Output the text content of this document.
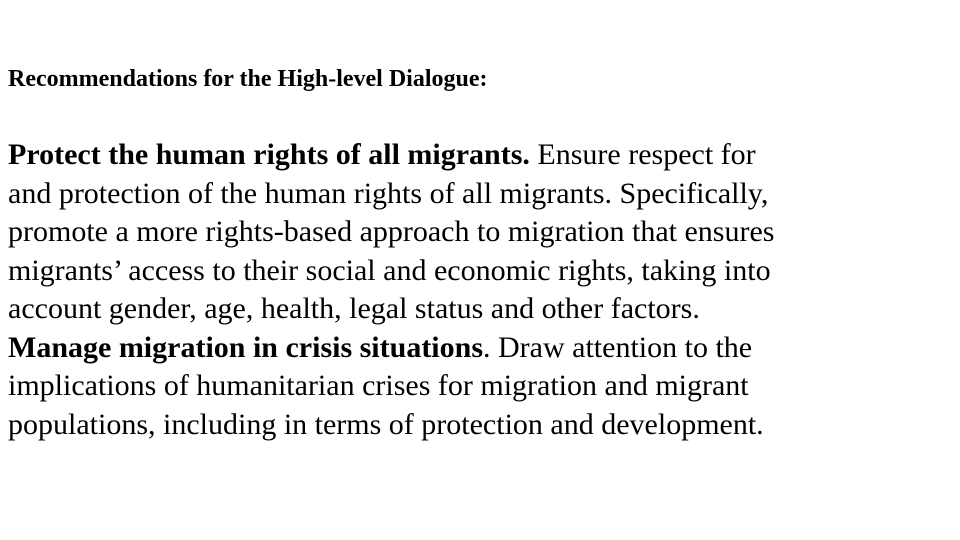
Recommendations for the High-level Dialogue:
Protect the human rights of all migrants. Ensure respect for
and protection of the human rights of all migrants. Specifically,
promote a more rights-based approach to migration that ensures
migrants’ access to their social and economic rights, taking into
account gender, age, health, legal status and other factors.
Manage migration in crisis situations. Draw attention to the
implications of humanitarian crises for migration and migrant
populations, including in terms of protection and development.
